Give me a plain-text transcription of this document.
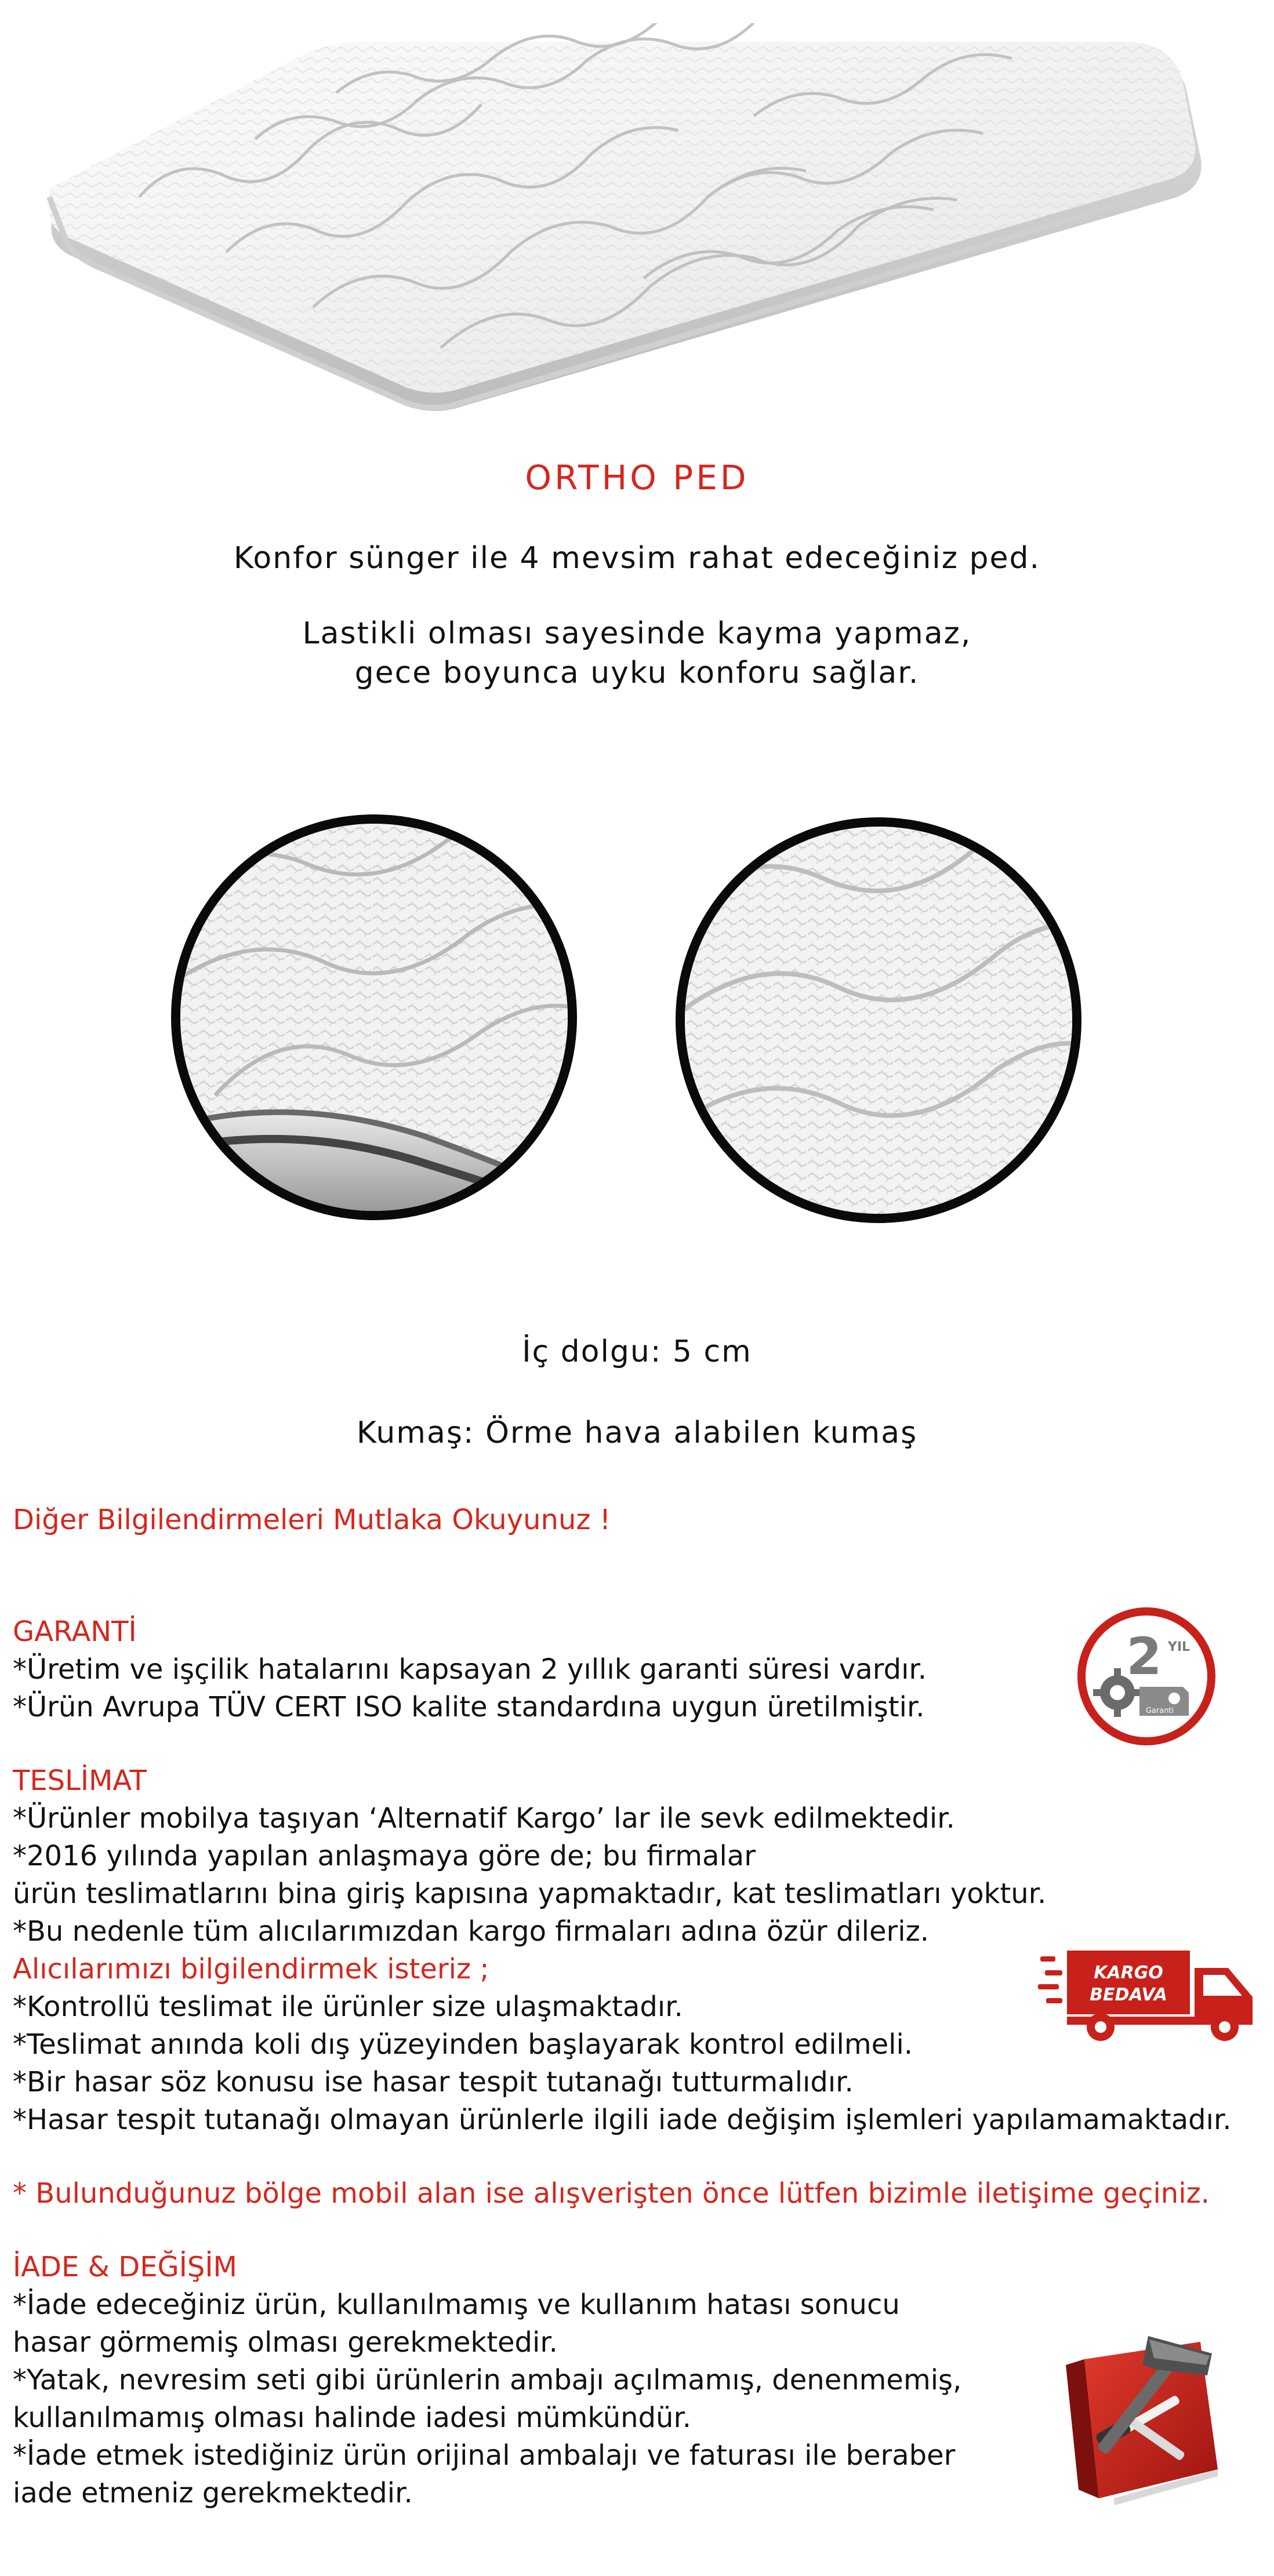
ORTHO PED
Konfor sünger ile 4 mevsim rahat edeceğiniz ped.
Lastikli olması sayesinde kayma yapmaz,
gece boyunca uyku konforu sağlar.
İç dolgu: 5 cm
Kumaş: Örme hava alabilen kumaş
Diğer Bilgilendirmeleri Mutlaka Okuyunuz !
GARANTİ
*Üretim ve işçilik hatalarını kapsayan 2 yıllık garanti süresi vardır.
*Ürün Avrupa TÜV CERT ISO kalite standardına uygun üretilmiştir.
TESLİMAT
*Ürünler mobilya taşıyan ‘Alternatif Kargo’ lar ile sevk edilmektedir.
*2016 yılında yapılan anlaşmaya göre de; bu firmalar
ürün teslimatlarını bina giriş kapısına yapmaktadır, kat teslimatları yoktur.
*Bu nedenle tüm alıcılarımızdan kargo firmaları adına özür dileriz.
Alıcılarımızı bilgilendirmek isteriz ;
*Kontrollü teslimat ile ürünler size ulaşmaktadır.
*Teslimat anında koli dış yüzeyinden başlayarak kontrol edilmeli.
*Bir hasar söz konusu ise hasar tespit tutanağı tutturmalıdır.
*Hasar tespit tutanağı olmayan ürünlerle ilgili iade değişim işlemleri yapılamamaktadır.
* Bulunduğunuz bölge mobil alan ise alışverişten önce lütfen bizimle iletişime geçiniz.
İADE & DEĞİŞİM
*İade edeceğiniz ürün, kullanılmamış ve kullanım hatası sonucu
hasar görmemiş olması gerekmektedir.
*Yatak, nevresim seti gibi ürünlerin ambajı açılmamış, denenmemiş,
kullanılmamış olması halinde iadesi mümkündür.
*İade etmek istediğiniz ürün orijinal ambalajı ve faturası ile beraber
iade etmeniz gerekmektedir.
2 YIL
Garanti
KARGO
BEDAVA
